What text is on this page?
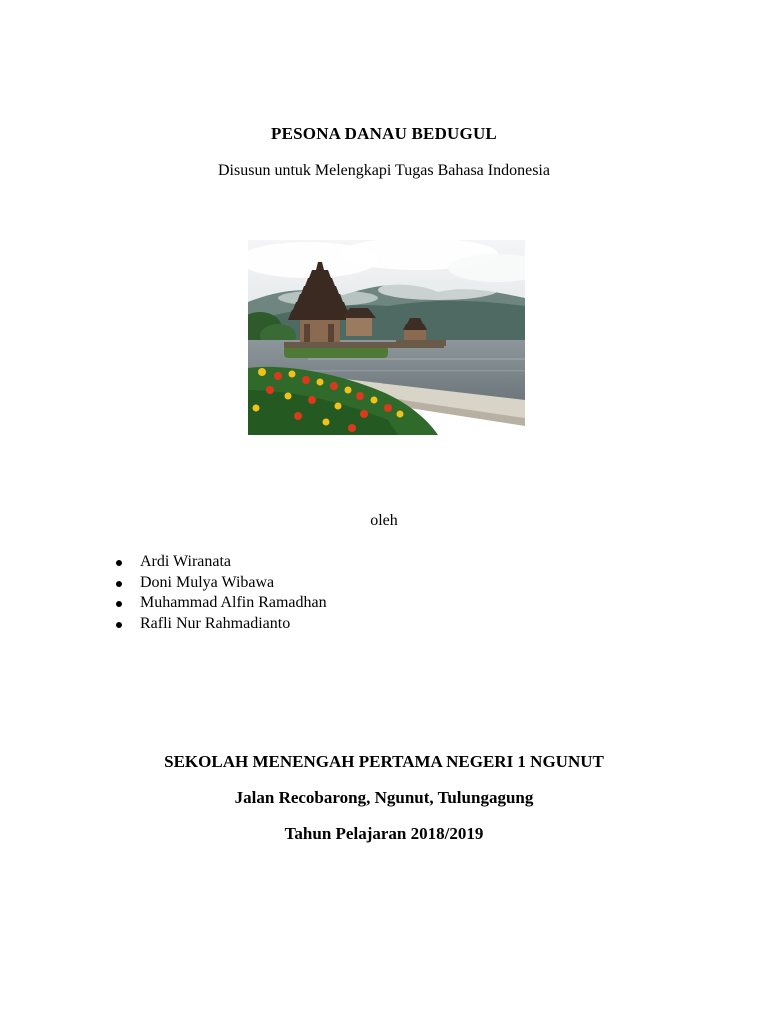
PESONA DANAU BEDUGUL
Disusun untuk Melengkapi Tugas Bahasa Indonesia
oleh
Ardi Wiranata
Doni Mulya Wibawa
Muhammad Alfin Ramadhan
Rafli Nur Rahmadianto
SEKOLAH MENENGAH PERTAMA NEGERI 1 NGUNUT
Jalan Recobarong, Ngunut, Tulungagung
Tahun Pelajaran 2018/2019
